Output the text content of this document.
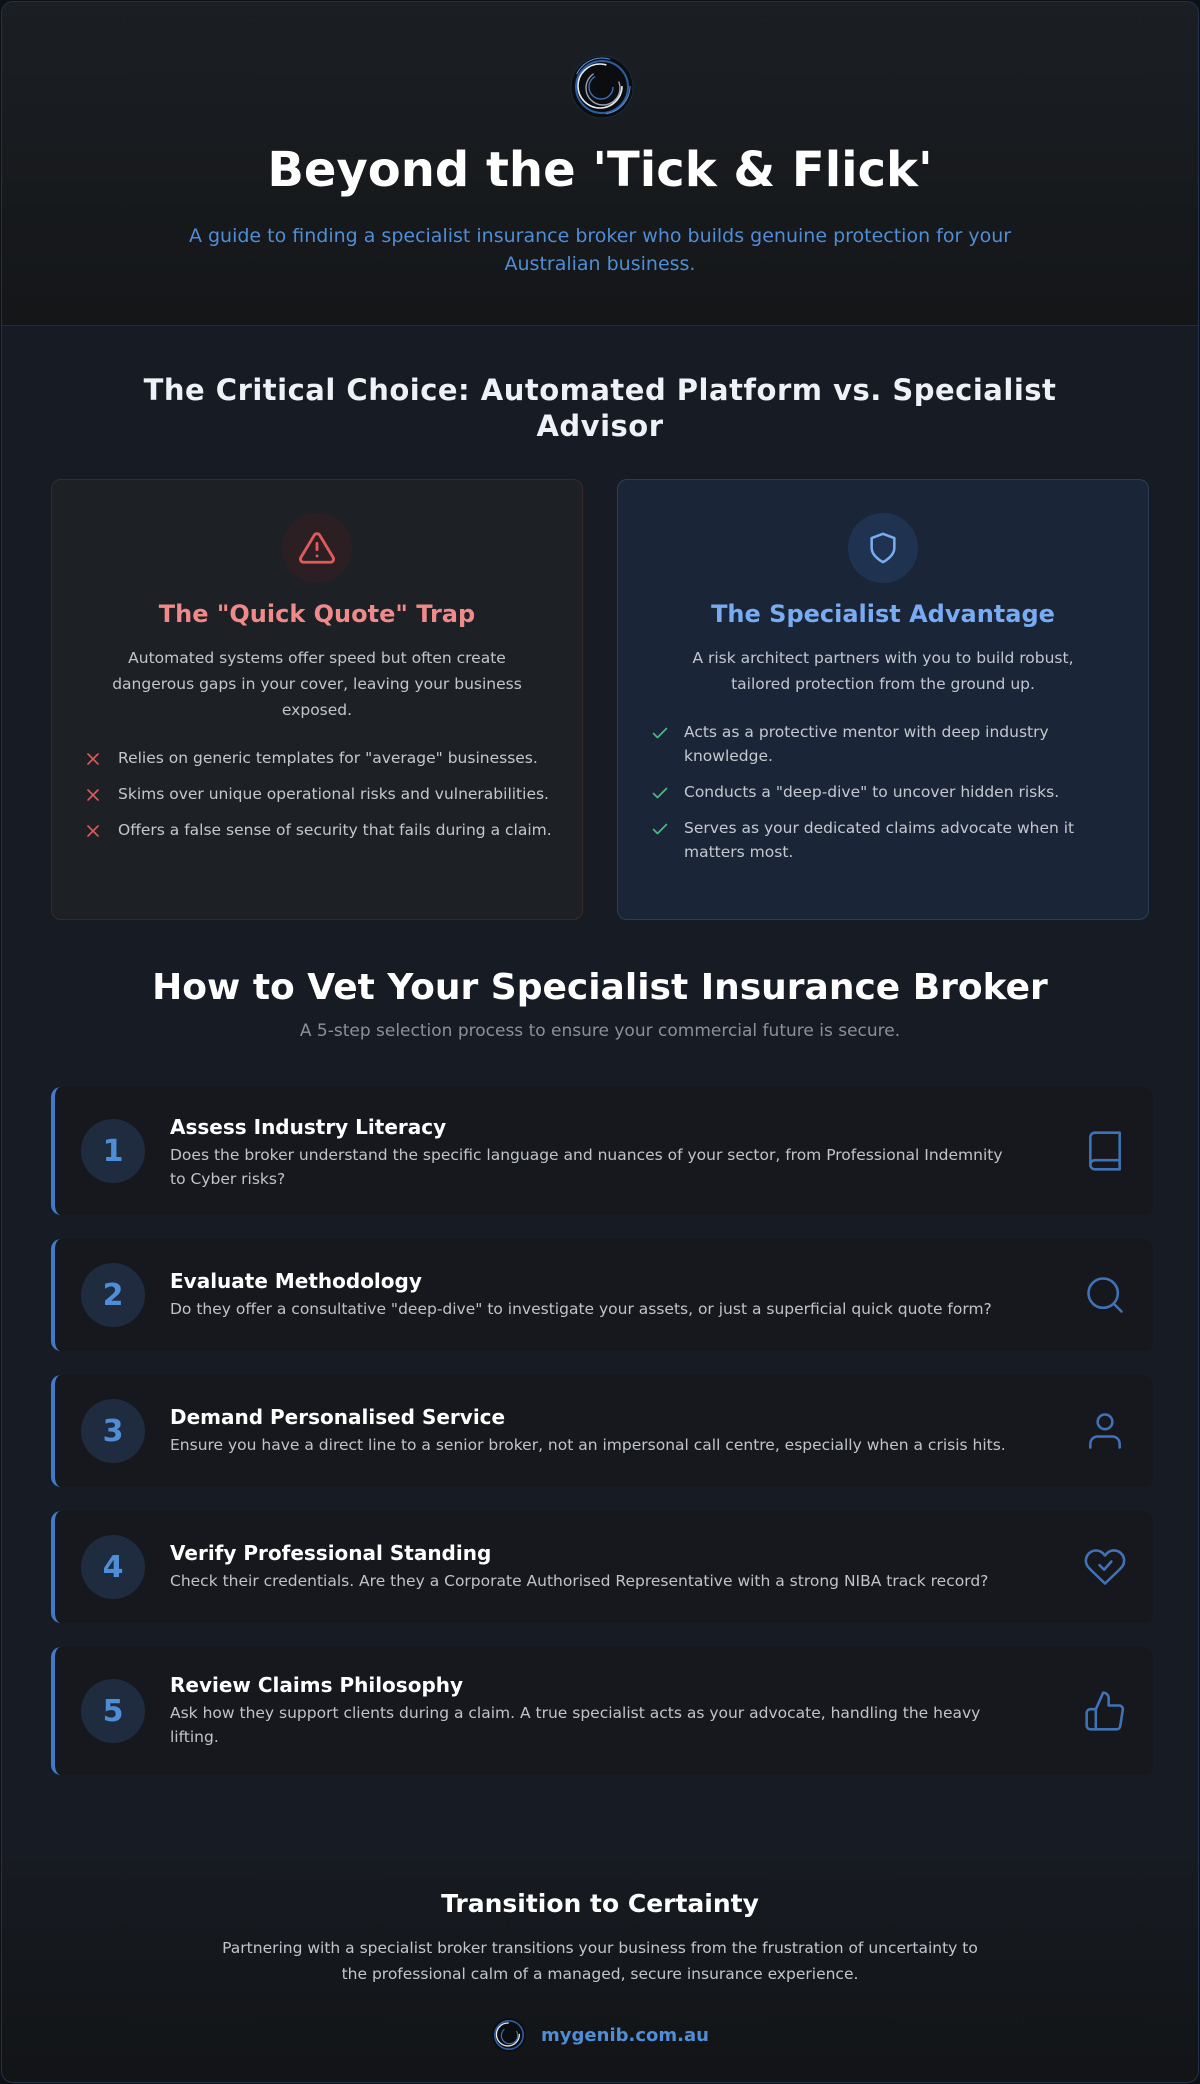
Beyond the 'Tick & Flick'

A guide to finding a specialist insurance broker who builds genuine protection for your Australian business.

The Critical Choice: Automated Platform vs. Specialist Advisor
The "Quick Quote" Trap

Automated systems offer speed but often create dangerous gaps in your cover, leaving your business exposed.

Relies on generic templates for "average" businesses.
Skims over unique operational risks and vulnerabilities.
Offers a false sense of security that fails during a claim.
The Specialist Advantage

A risk architect partners with you to build robust, tailored protection from the ground up.

Acts as a protective mentor with deep industry knowledge.
Conducts a "deep-dive" to uncover hidden risks.
Serves as your dedicated claims advocate when it matters most.
How to Vet Your Specialist Insurance Broker

A 5-step selection process to ensure your commercial future is secure.

1
Assess Industry Literacy

Does the broker understand the specific language and nuances of your sector, from Professional Indemnity to Cyber risks?

2	Evaluate Methodology

Do they offer a consultative "deep-dive" to investigate your assets, or just a superficial quick quote form?

3	Demand Personalised Service

Ensure you have a direct line to a senior broker, not an impersonal call centre, especially when a crisis hits.

4	Verify Professional Standing

Check their credentials. Are they a Corporate Authorised Representative with a strong NIBA track record?

5
Review Claims Philosophy

Ask how they support clients during a claim. A true specialist acts as your advocate, handling the heavy lifting.

Transition to Certainty

Partnering with a specialist broker transitions your business from the frustration of uncertainty to the professional calm of a managed, secure insurance experience.

mygenib.com.au
